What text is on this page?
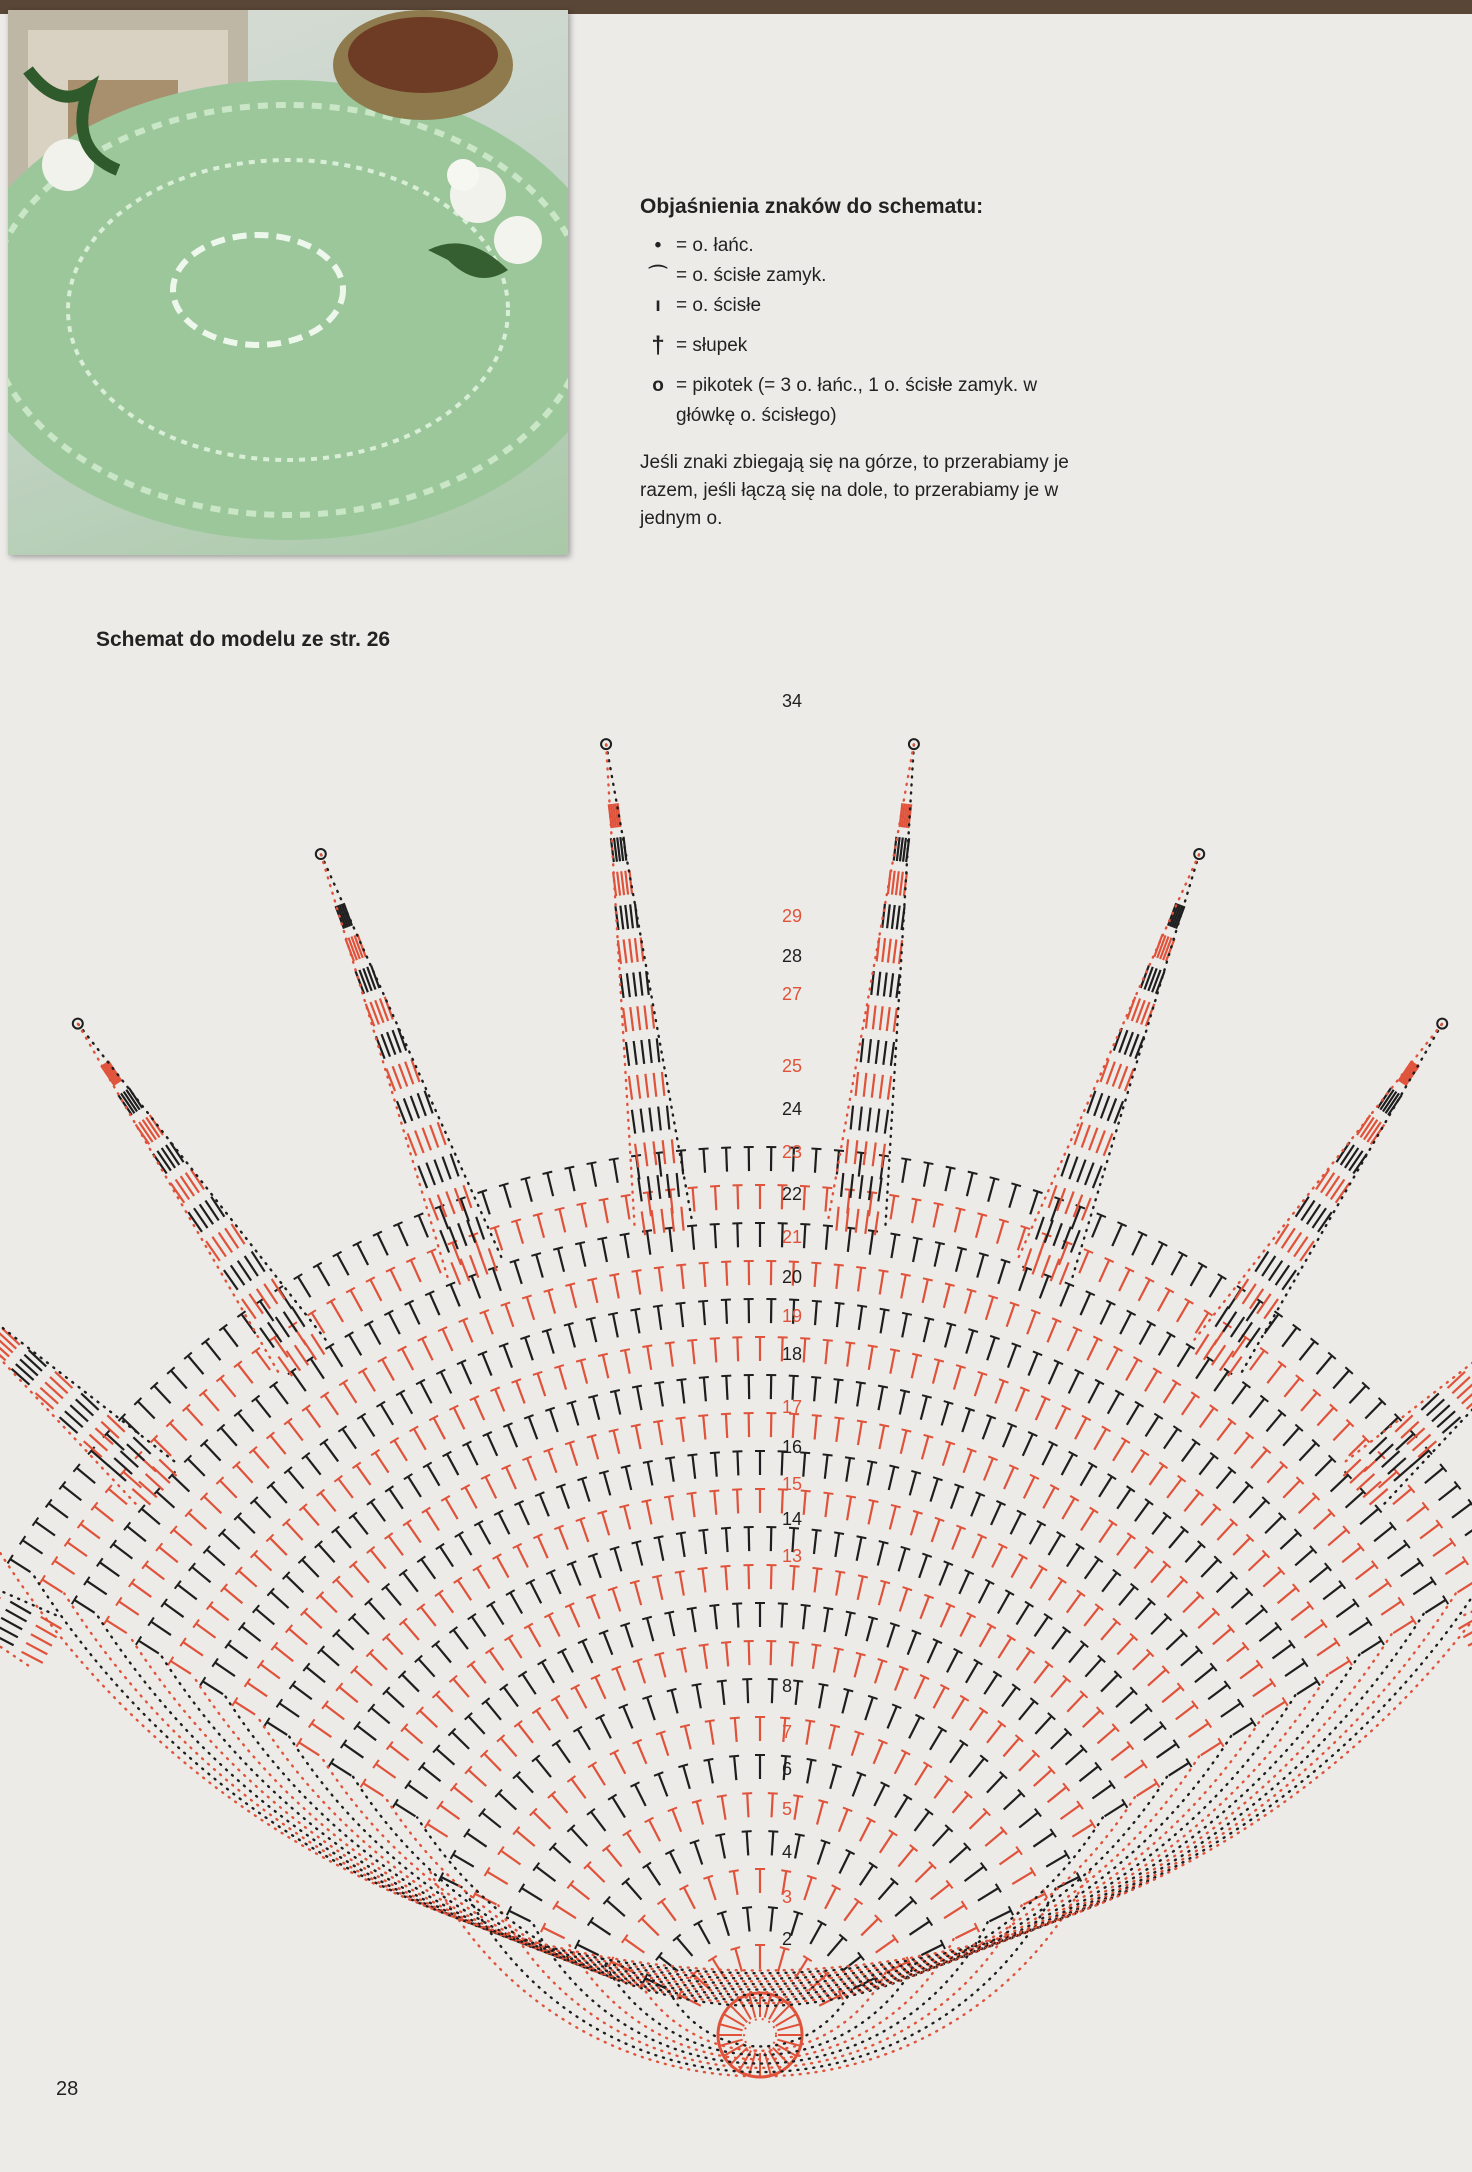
Objaśnienia znaków do schematu:
• = o. łańc.
⌒ = o. ścisłe zamyk.
ı = o. ścisłe
† = słupek
o = pikotek (= 3 o. łańc., 1 o. ścisłe zamyk. w główkę o. ścisłego)
Jeśli znaki zbiegają się na górze, to przerabiamy je razem, jeśli łączą się na dole, to przerabiamy je w jednym o.
Schemat do modelu ze str. 26
2
3
4
5
6
7
8
13
14
15
16
17
18
19
20
21
22
23
24
25
27
28
29
34
28
